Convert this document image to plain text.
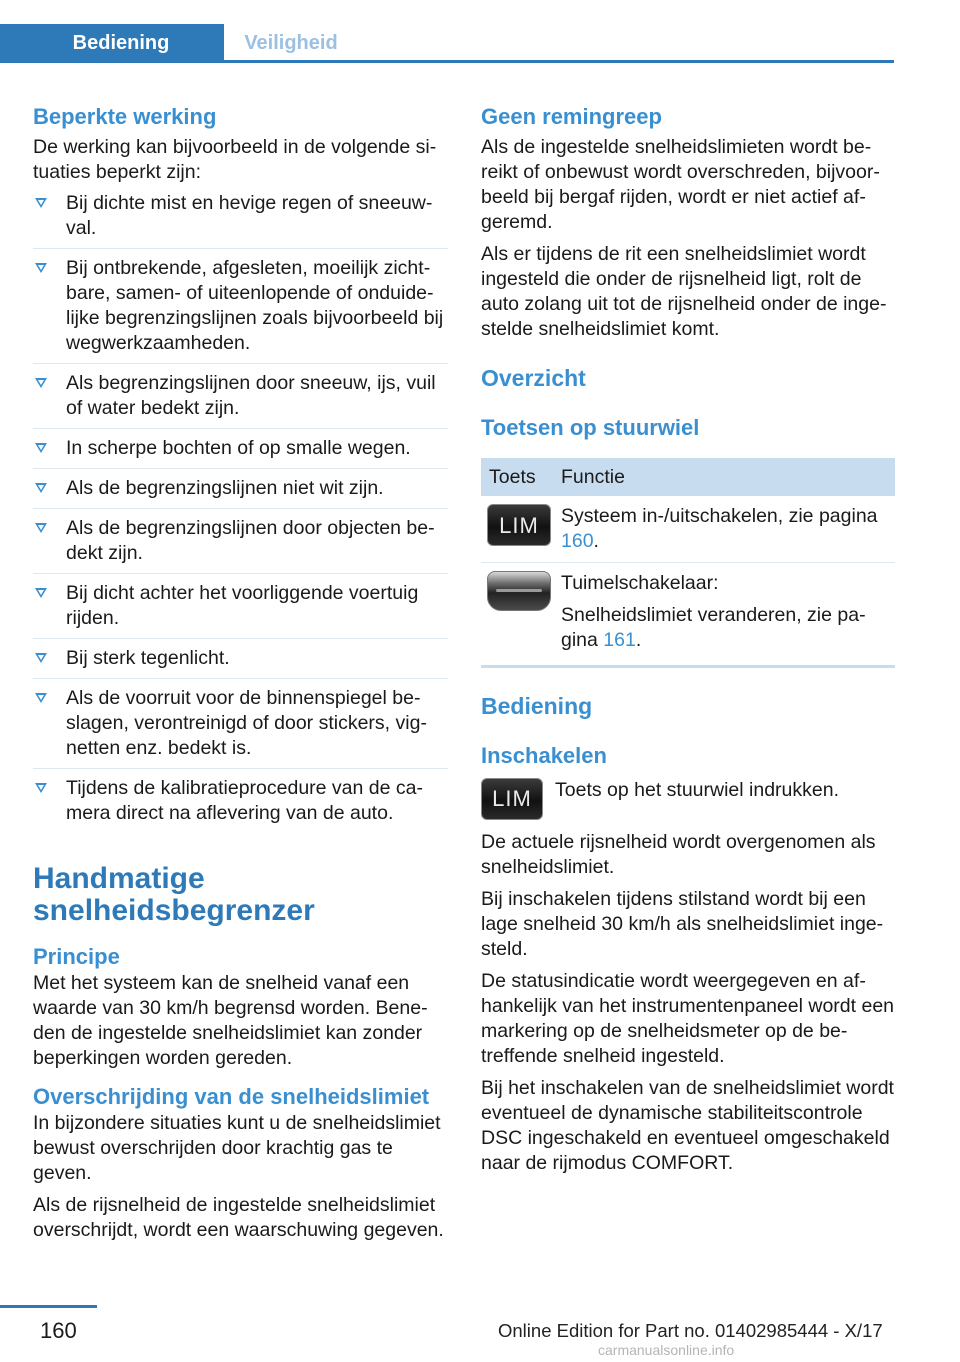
Bediening	Veiligheid
Beperkte werking

De werking kan bijvoorbeeld in de volgende situaties beperkt zijn:

Bij dichte mist en hevige regen of sneeuwval.
Bij ontbrekende, afgesleten, moeilijk zichtbare, samen- of uiteenlopende of onduidelijke begrenzingslijnen zoals bijvoorbeeld bij wegwerkzaamheden.
Als begrenzingslijnen door sneeuw, ijs, vuil of water bedekt zijn.
In scherpe bochten of op smalle wegen.
Als de begrenzingslijnen niet wit zijn.
Als de begrenzingslijnen door objecten bedekt zijn.
Bij dicht achter het voorliggende voertuig rijden.
Bij sterk tegenlicht.
Als de voorruit voor de binnenspiegel beslagen, verontreinigd of door stickers, vignetten enz. bedekt is.
Tijdens de kalibratieprocedure van de camera direct na aflevering van de auto.
Handmatige snelheidsbegrenzer
Principe

Met het systeem kan de snelheid vanaf een waarde van 30 km/h begrensd worden. Beneden de ingestelde snelheidslimiet kan zonder beperkingen worden gereden.

Overschrijding van de snelheidslimiet

In bijzondere situaties kunt u de snelheidslimiet bewust overschrijden door krachtig gas te geven.

Als de rijsnelheid de ingestelde snelheidslimiet overschrijdt, wordt een waarschuwing gegeven.

Geen remingreep

Als de ingestelde snelheidslimieten wordt bereikt of onbewust wordt overschreden, bijvoorbeeld bij bergaf rijden, wordt er niet actief afgeremd.

Als er tijdens de rit een snelheidslimiet wordt ingesteld die onder de rijsnelheid ligt, rolt de auto zolang uit tot de rijsnelheid onder de ingestelde snelheidslimiet komt.

Overzicht
Toetsen op stuurwiel
Toets	Functie

LIM	Systeem in-/uitschakelen, zie pagina 160.

	Tuimelschakelaar:
Snelheidslimiet veranderen, zie pagina 161.
Bediening
Inschakelen
LIM Toets op het stuurwiel indrukken.

De actuele rijsnelheid wordt overgenomen als snelheidslimiet.

Bij inschakelen tijdens stilstand wordt bij een lage snelheid 30 km/h als snelheidslimiet ingesteld.

De statusindicatie wordt weergegeven en afhankelijk van het instrumentenpaneel wordt een markering op de snelheidsmeter op de betreffende snelheid ingesteld.

Bij het inschakelen van de snelheidslimiet wordt eventueel de dynamische stabiliteitscontrole DSC ingeschakeld en eventueel omgeschakeld naar de rijmodus COMFORT.

160	Online Edition for Part no. 01402985444 - X/17
carmanualsonline.info
